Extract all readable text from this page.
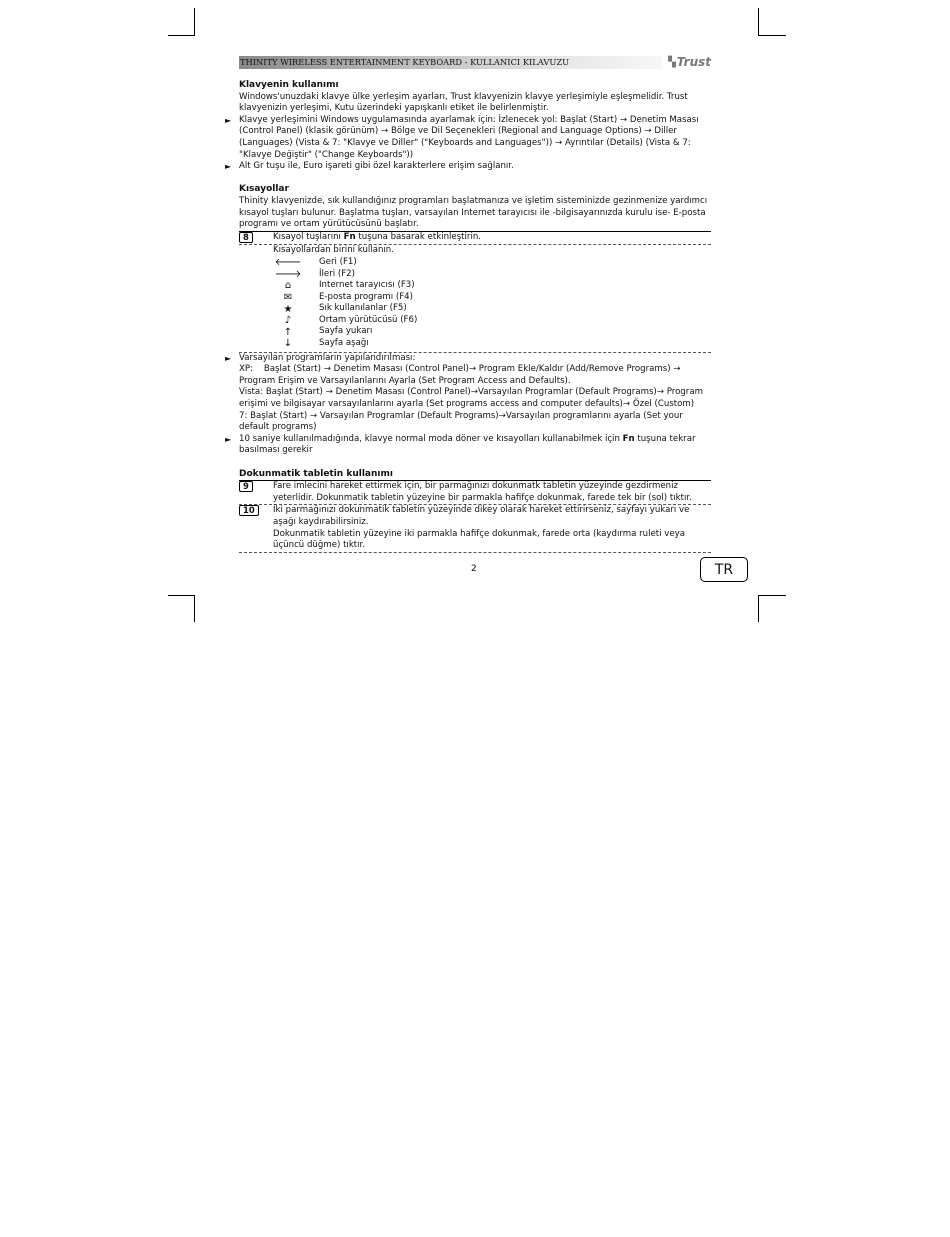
THINITY WIRELESS ENTERTAINMENT KEYBOARD - KULLANICI KILAVUZU	▚ Trust
Klavyenin kullanımı

Windows'unuzdaki klavye ülke yerleşim ayarları, Trust klavyenizin klavye yerleşimiyle eşleşmelidir. Trust klavyenizin yerleşimi, Kutu üzerindeki yapışkanlı etiket ile belirlenmiştir.

► Klavye yerleşimini Windows uygulamasında ayarlamak için: İzlenecek yol: Başlat (Start) → Denetim Masası (Control Panel) (klasik görünüm) → Bölge ve Dil Seçenekleri (Regional and Language Options) → Diller (Languages) (Vista & 7: "Klavye ve Diller" ("Keyboards and Languages")) → Ayrıntılar (Details) (Vista & 7: "Klavye Değiştir" ("Change Keyboards"))

► Alt Gr tuşu ile, Euro işareti gibi özel karakterlere erişim sağlanır.

Kısayollar

Thinity klavyenizde, sık kullandığınız programları başlatmanıza ve işletim sisteminizde gezinmenize yardımcı kısayol tuşları bulunur. Başlatma tuşları, varsayılan Internet tarayıcısı ile -bilgisayarınızda kurulu ise- E-posta programı ve ortam yürütücüsünü başlatır.

8	Kısayol tuşlarını Fn tuşuna basarak etkinleştirin.
Kısayollardan birini kullanın.
🡐 Geri (F1)
🡒 İleri (F2)
⌂	Internet tarayıcısı (F3)
✉	E-posta programı (F4)
★	Sık kullanılanlar (F5)
♪	Ortam yürütücüsü (F6)
↑	Sayfa yukarı
↓	Sayfa aşağı
► Varsayılan programların yapılandırılması:

XP:    Başlat (Start) → Denetim Masası (Control Panel)→ Program Ekle/Kaldır (Add/Remove Programs) → Program Erişim ve Varsayılanlarını Ayarla (Set Program Access and Defaults).

Vista: Başlat (Start) → Denetim Masası (Control Panel)→Varsayılan Programlar (Default Programs)→ Program erişimi ve bilgisayar varsayılanlarını ayarla (Set programs access and computer defaults)→ Özel (Custom)

7: Başlat (Start) → Varsayılan Programlar (Default Programs)→Varsayılan programlarını ayarla (Set your default programs)

► 10 saniye kullanılmadığında, klavye normal moda döner ve kısayolları kullanabilmek için Fn tuşuna tekrar basılması gerekir

Dokunmatik tabletin kullanımı
9	Fare imlecini hareket ettirmek için, bir parmağınızı dokunmatk tabletin yüzeyinde gezdirmeniz yeterlidir. Dokunmatik tabletin yüzeyine bir parmakla hafifçe dokunmak, farede tek bir (sol) tıktır.
10	İki parmağınızı dokunmatik tabletin yüzeyinde dikey olarak hareket ettirirseniz, sayfayı yukarı ve aşağı kaydırabilirsiniz.
Dokunmatik tabletin yüzeyine iki parmakla hafifçe dokunmak, farede orta (kaydırma ruleti veya üçüncü düğme) tıktır.
2	TR
